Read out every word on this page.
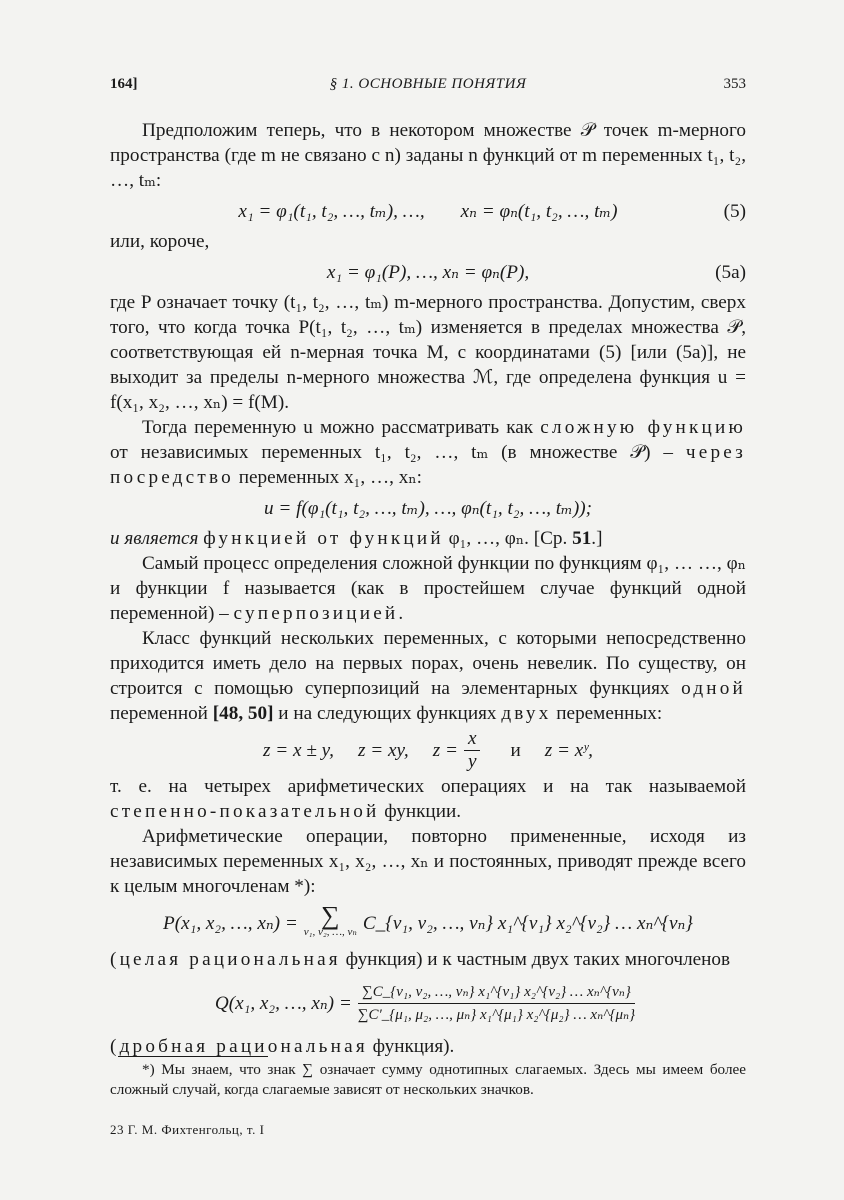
164]	§ 1. ОСНОВНЫЕ ПОНЯТИЯ	353

Предположим теперь, что в некотором множестве 𝒫 точек m-мерного пространства (где m не связано с n) заданы n функций от m переменных t₁, t₂, …, tₘ:

x₁ = φ₁(t₁, t₂, …, tₘ), …, xₙ = φₙ(t₁, t₂, …, tₘ)	(5)

или, короче,

x₁ = φ₁(P), …, xₙ = φₙ(P),	(5a)

где P означает точку (t₁, t₂, …, tₘ) m-мерного пространства. Допустим, сверх того, что когда точка P(t₁, t₂, …, tₘ) изменяется в пределах множества 𝒫, соответствующая ей n-мерная точка M, с координатами (5) [или (5a)], не выходит за пределы n-мерного множества ℳ, где определена функция u = f(x₁, x₂, …, xₙ) = f(M).

Тогда переменную u можно рассматривать как сложную функцию от независимых переменных t₁, t₂, …, tₘ (в множестве 𝒫) – через посредство переменных x₁, …, xₙ:

u = f(φ₁(t₁, t₂, …, tₘ), …, φₙ(t₁, t₂, …, tₘ));

u является функцией от функций φ₁, …, φₙ. [Ср. 51.]

Самый процесс определения сложной функции по функциям φ₁, … …, φₙ и функции f называется (как в простейшем случае функций одной переменной) – суперпозицией.

Класс функций нескольких переменных, с которыми непосредственно приходится иметь дело на первых порах, очень невелик. По существу, он строится с помощью суперпозиций на элементарных функциях одной переменной [48, 50] и на следующих функциях двух переменных:

z = x ± y, z = xy, $z = \frac{x}{y}$ и z = xʸ,

т. е. на четырех арифметических операциях и на так называемой степенно-показательной функции.

Арифметические операции, повторно примененные, исходя из независимых переменных x₁, x₂, …, xₙ и постоянных, приводят прежде всего к целым многочленам *):

P(x₁, x₂, …, xₙ) = ∑
ν₁, ν₂, …, νₙ C_{ν₁, ν₂, …, νₙ} x₁^{ν₁} x₂^{ν₂} … xₙ^{νₙ}

(целая рациональная функция) и к частным двух таких многочленов

Q(x₁, x₂, …, $x_n) = \frac{\text{∑C\_\{ν₁, ν₂, …, νₙ\} x₁\textasciicircum{}\{ν₁\} x₂\textasciicircum{}\{ν₂\} … xₙ\textasciicircum{}\{νₙ\}}}{\text{∑C′\_\{μ₁, μ₂, …, μₙ\} x₁\textasciicircum{}\{μ₁\} x₂\textasciicircum{}\{μ₂\} … xₙ\textasciicircum{}\{μₙ\}}}$

(дробная рациональная функция).

*) Мы знаем, что знак ∑ означает сумму однотипных слагаемых. Здесь мы имеем более сложный случай, когда слагаемые зависят от нескольких значков.

23 Г. М. Фихтенгольц, т. I
